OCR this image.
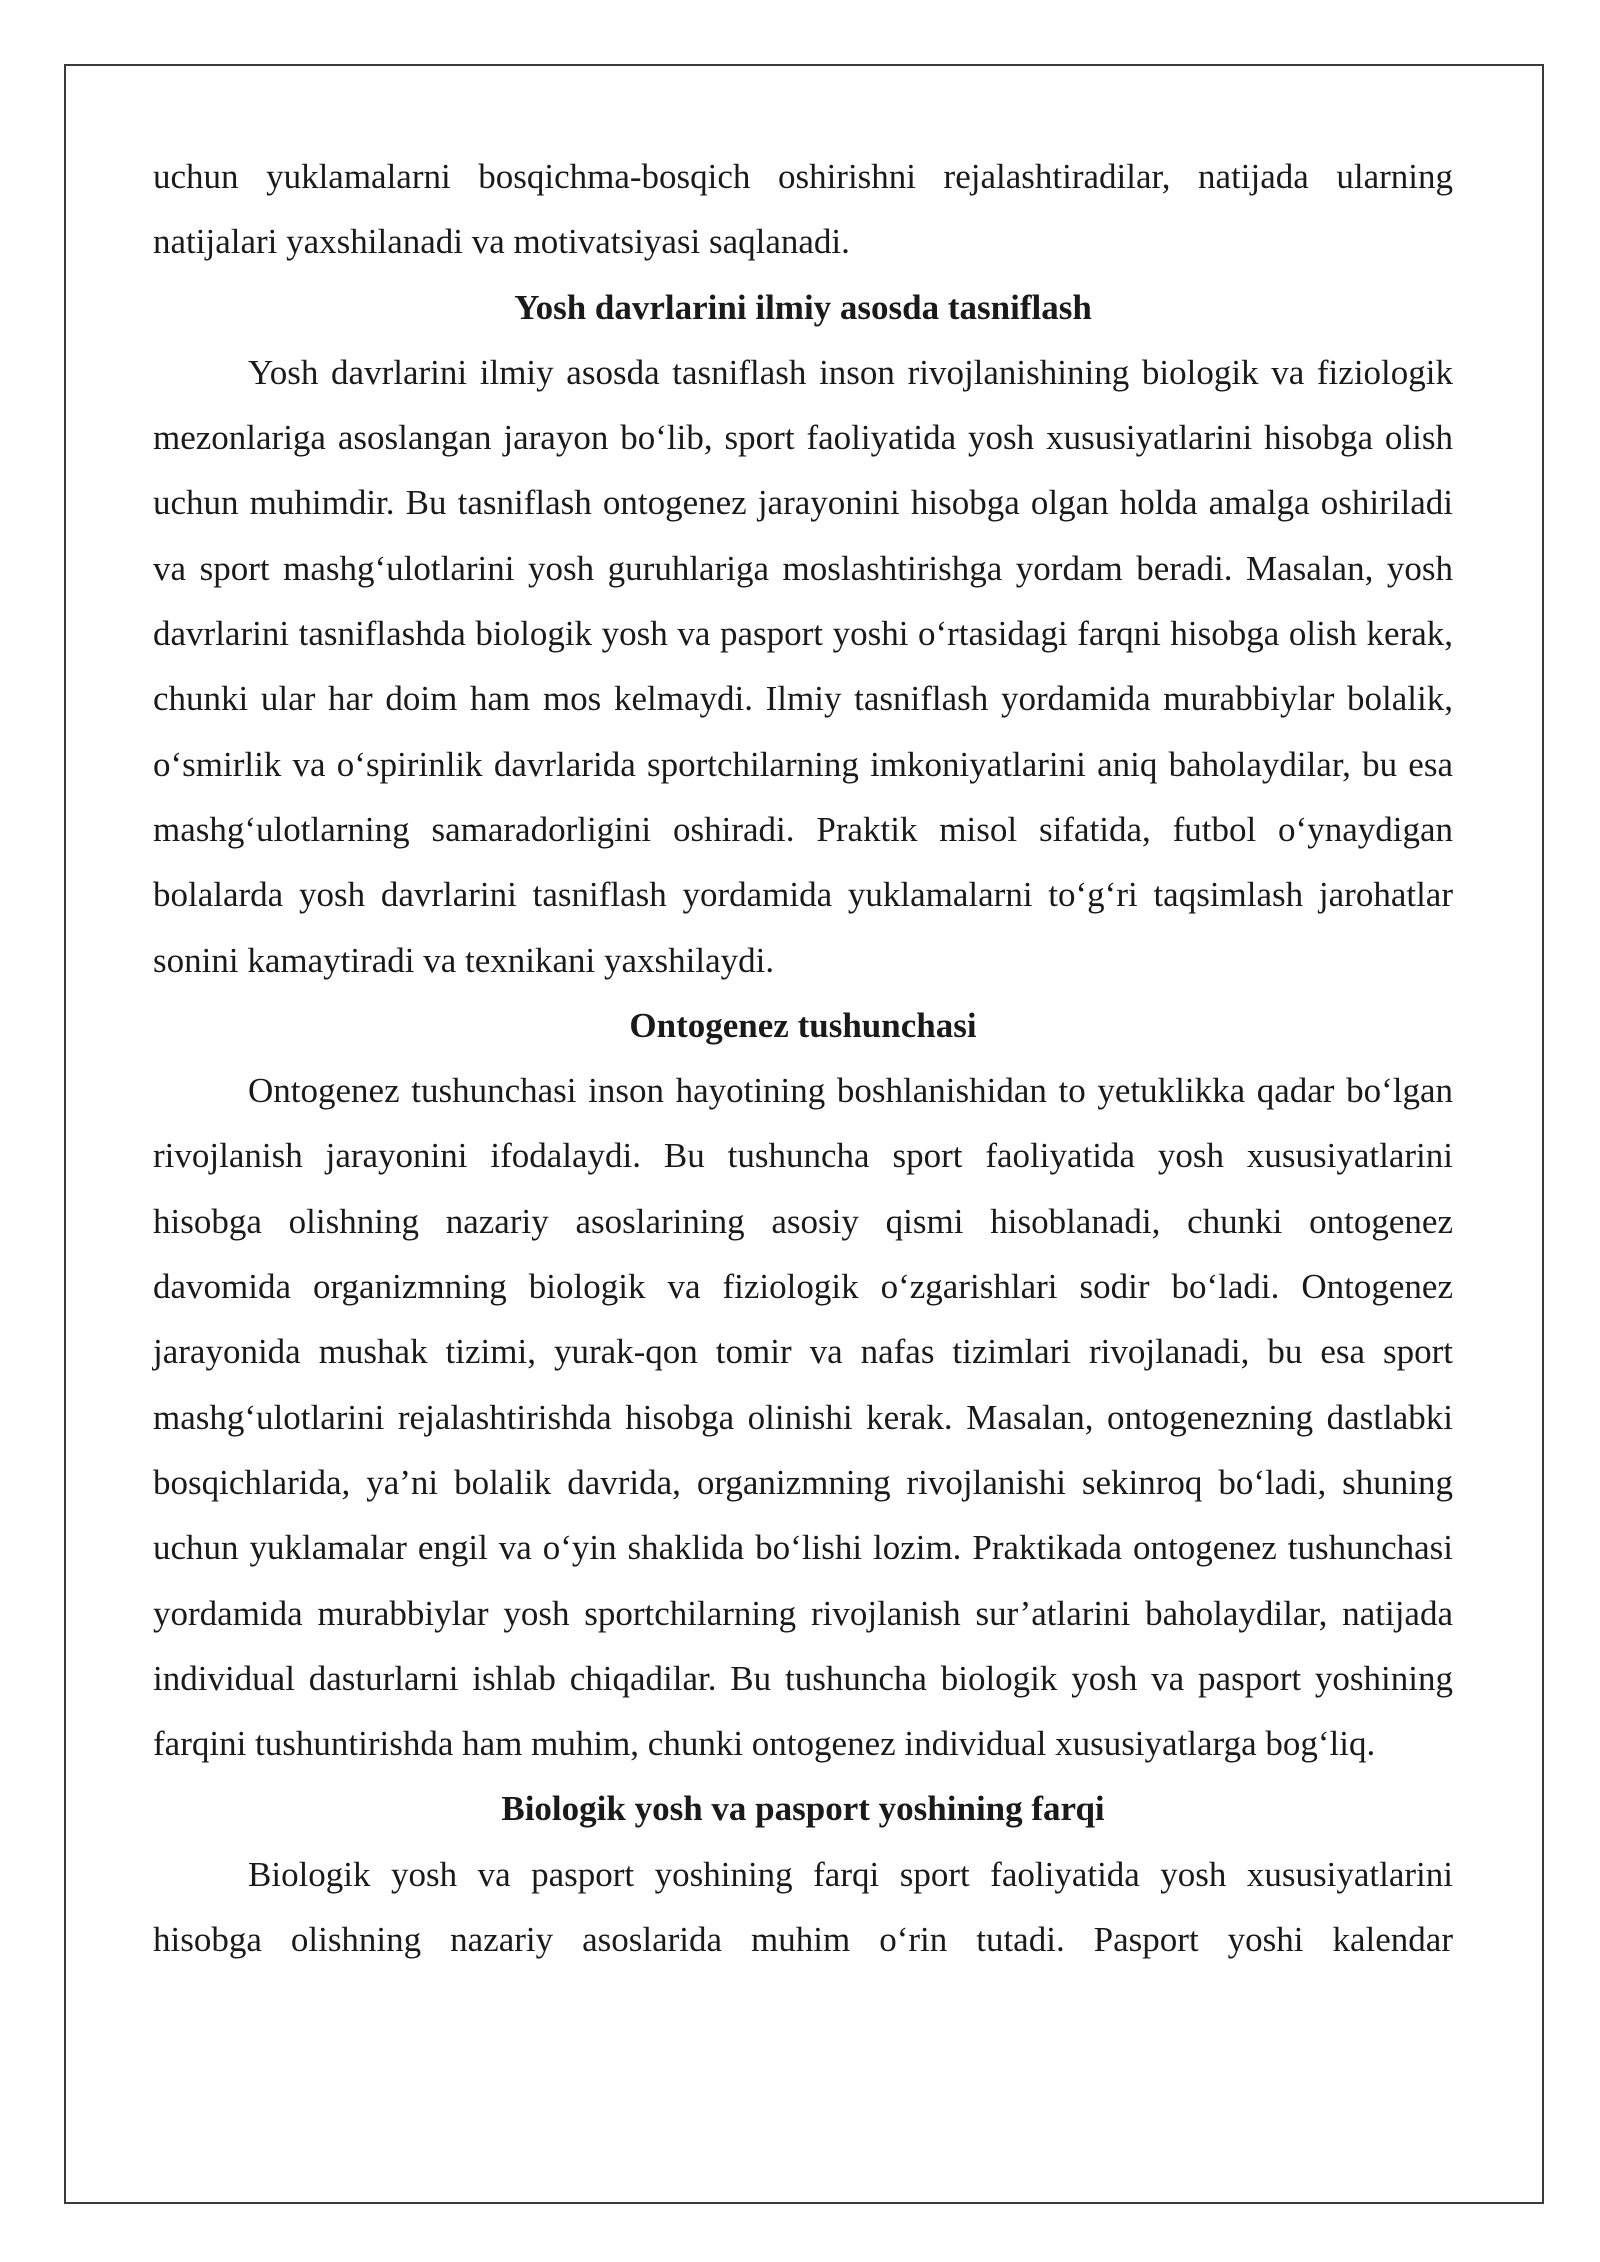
uchun yuklamalarni bosqichma-bosqich oshirishni rejalashtiradilar, natijada ularning natijalari yaxshilanadi va motivatsiyasi saqlanadi.

Yosh davrlarini ilmiy asosda tasniflash

Yosh davrlarini ilmiy asosda tasniflash inson rivojlanishining biologik va fiziologik mezonlariga asoslangan jarayon bo‘lib, sport faoliyatida yosh xususiyatlarini hisobga olish uchun muhimdir. Bu tasniflash ontogenez jarayonini hisobga olgan holda amalga oshiriladi va sport mashg‘ulotlarini yosh guruhlariga moslashtirishga yordam beradi. Masalan, yosh davrlarini tasniflashda biologik yosh va pasport yoshi o‘rtasidagi farqni hisobga olish kerak, chunki ular har doim ham mos kelmaydi. Ilmiy tasniflash yordamida murabbiylar bolalik, o‘smirlik va o‘spirinlik davrlarida sportchilarning imkoniyatlarini aniq baholaydilar, bu esa mashg‘ulotlarning samaradorligini oshiradi. Praktik misol sifatida, futbol o‘ynaydigan bolalarda yosh davrlarini tasniflash yordamida yuklamalarni to‘g‘ri taqsimlash jarohatlar sonini kamaytiradi va texnikani yaxshilaydi.

Ontogenez tushunchasi

Ontogenez tushunchasi inson hayotining boshlanishidan to yetuklikka qadar bo‘lgan rivojlanish jarayonini ifodalaydi. Bu tushuncha sport faoliyatida yosh xususiyatlarini hisobga olishning nazariy asoslarining asosiy qismi hisoblanadi, chunki ontogenez davomida organizmning biologik va fiziologik o‘zgarishlari sodir bo‘ladi. Ontogenez jarayonida mushak tizimi, yurak-qon tomir va nafas tizimlari rivojlanadi, bu esa sport mashg‘ulotlarini rejalashtirishda hisobga olinishi kerak. Masalan, ontogenezning dastlabki bosqichlarida, ya’ni bolalik davrida, organizmning rivojlanishi sekinroq bo‘ladi, shuning uchun yuklamalar engil va o‘yin shaklida bo‘lishi lozim. Praktikada ontogenez tushunchasi yordamida murabbiylar yosh sportchilarning rivojlanish sur’atlarini baholaydilar, natijada individual dasturlarni ishlab chiqadilar. Bu tushuncha biologik yosh va pasport yoshining farqini tushuntirishda ham muhim, chunki ontogenez individual xususiyatlarga bog‘liq.

Biologik yosh va pasport yoshining farqi

Biologik yosh va pasport yoshining farqi sport faoliyatida yosh xususiyatlarini hisobga olishning nazariy asoslarida muhim o‘rin tutadi. Pasport yoshi kalendar
